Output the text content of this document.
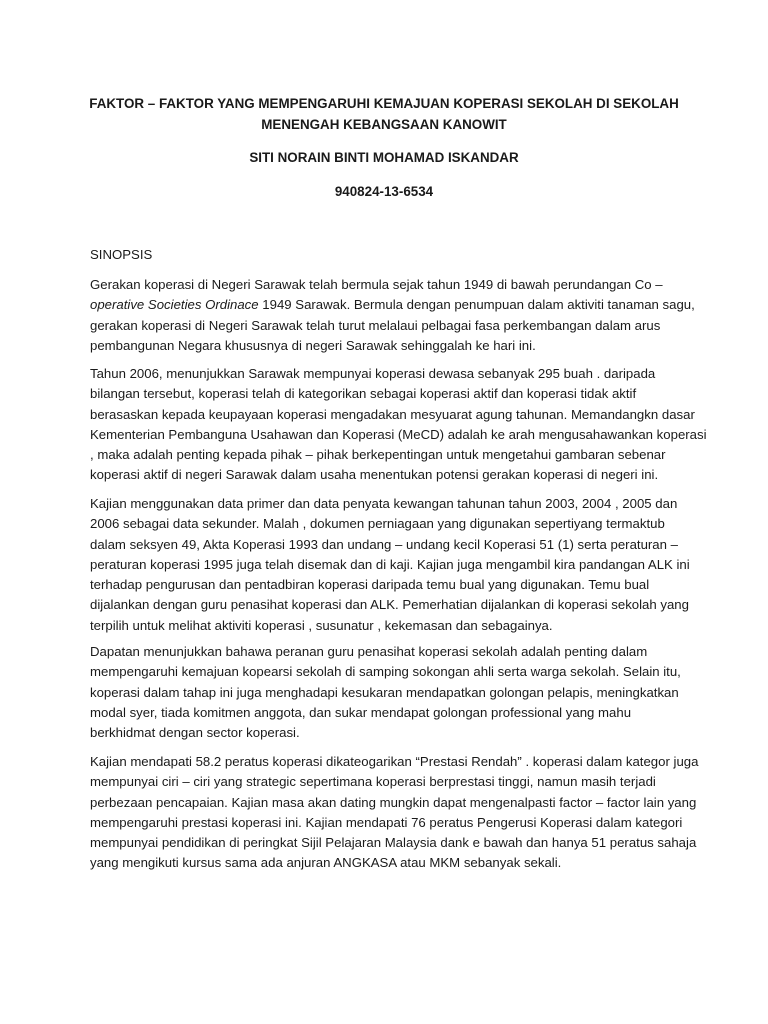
FAKTOR – FAKTOR YANG MEMPENGARUHI KEMAJUAN KOPERASI SEKOLAH DI SEKOLAH
MENENGAH KEBANGSAAN KANOWIT
SITI NORAIN BINTI MOHAMAD ISKANDAR
940824-13-6534
SINOPSIS
Gerakan koperasi di Negeri Sarawak telah bermula sejak tahun 1949 di bawah perundangan Co –
operative Societies Ordinace 1949 Sarawak. Bermula dengan penumpuan dalam aktiviti tanaman sagu,
gerakan koperasi di Negeri Sarawak telah turut melalaui pelbagai fasa perkembangan dalam arus
pembangunan Negara khususnya di negeri Sarawak sehinggalah ke hari ini.
Tahun 2006, menunjukkan Sarawak mempunyai koperasi dewasa sebanyak 295 buah . daripada
bilangan tersebut, koperasi telah di kategorikan sebagai koperasi aktif dan koperasi tidak aktif
berasaskan kepada keupayaan koperasi mengadakan mesyuarat agung tahunan. Memandangkn dasar
Kementerian Pembanguna Usahawan dan Koperasi (MeCD) adalah ke arah mengusahawankan koperasi
, maka adalah penting kepada pihak – pihak berkepentingan untuk mengetahui gambaran sebenar
koperasi aktif di negeri Sarawak dalam usaha menentukan potensi gerakan koperasi di negeri ini.
Kajian menggunakan data primer dan data penyata kewangan tahunan tahun 2003, 2004 , 2005 dan
2006 sebagai data sekunder. Malah , dokumen perniagaan yang digunakan sepertiyang termaktub
dalam seksyen 49, Akta Koperasi 1993 dan undang – undang kecil Koperasi 51 (1) serta peraturan –
peraturan koperasi 1995 juga telah disemak dan di kaji. Kajian juga mengambil kira pandangan ALK ini
terhadap pengurusan dan pentadbiran koperasi daripada temu bual yang digunakan. Temu bual
dijalankan dengan guru penasihat koperasi dan ALK. Pemerhatian dijalankan di koperasi sekolah yang
terpilih untuk melihat aktiviti koperasi , susunatur , kekemasan dan sebagainya.
Dapatan menunjukkan bahawa peranan guru penasihat koperasi sekolah adalah penting dalam
mempengaruhi kemajuan kopearsi sekolah di samping sokongan ahli serta warga sekolah. Selain itu,
koperasi dalam tahap ini juga menghadapi kesukaran mendapatkan golongan pelapis, meningkatkan
modal syer, tiada komitmen anggota, dan sukar mendapat golongan professional yang mahu
berkhidmat dengan sector koperasi.
Kajian mendapati 58.2 peratus koperasi dikateogarikan “Prestasi Rendah” . koperasi dalam kategor juga
mempunyai ciri – ciri yang strategic sepertimana koperasi berprestasi tinggi, namun masih terjadi
perbezaan pencapaian. Kajian masa akan dating mungkin dapat mengenalpasti factor – factor lain yang
mempengaruhi prestasi koperasi ini. Kajian mendapati 76 peratus Pengerusi Koperasi dalam kategori
mempunyai pendidikan di peringkat Sijil Pelajaran Malaysia dank e bawah dan hanya 51 peratus sahaja
yang mengikuti kursus sama ada anjuran ANGKASA atau MKM sebanyak sekali.
